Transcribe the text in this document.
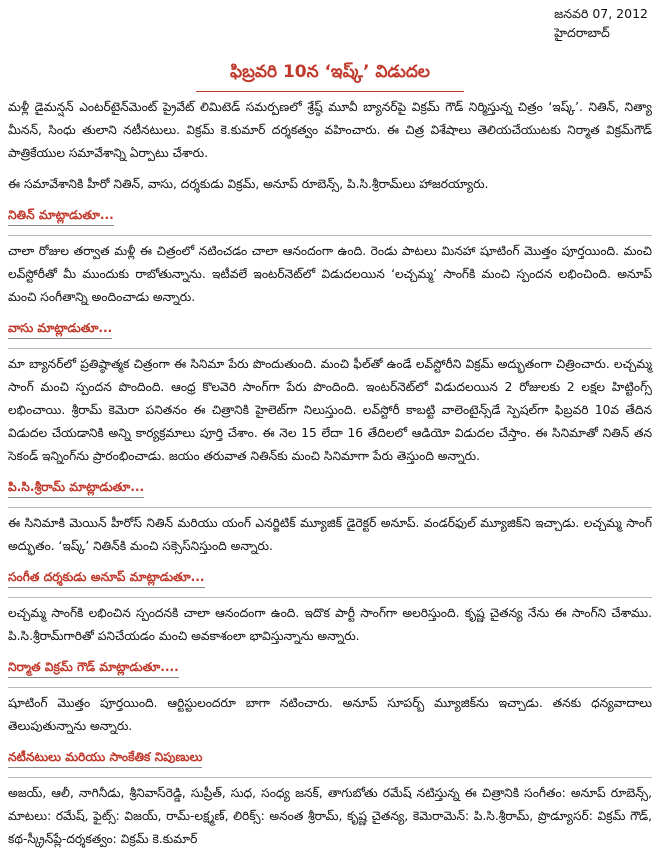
జనవరి 07, 2012
హైదరాబాద్
ఫిబ్రవరి 10న ‘ఇష్క్’ విడుదల

మళ్లీ డైమన్షన్ ఎంటర్‌టైన్‌మెంట్ ప్రైవేట్ లిమిటెడ్ సమర్పణలో శ్రేష్ఠ్ మూవీ బ్యానర్‌పై విక్రమ్ గౌడ్ నిర్మిస్తున్న చిత్రం ‘ఇష్క్’. నితిన్, నిత్యా మీనన్, సింధు తులాని నటీనటులు. విక్రమ్ కె.కుమార్ దర్శకత్వం వహించారు. ఈ చిత్ర విశేషాలు తెలియచేయుటకు నిర్మాత విక్రమ్‌గౌడ్ పాత్రికేయుల సమావేశాన్ని ఏర్పాటు చేశారు.

ఈ సమావేశానికి హీరో నితిన్, వాసు, దర్శకుడు విక్రమ్, అనూప్ రూబెన్స్, పి.సి.శ్రీరామ్‌లు హాజరయ్యారు.

నితిన్ మాట్లాడుతూ...

చాలా రోజుల తర్వాత మళ్లీ ఈ చిత్రంలో నటించడం చాలా ఆనందంగా ఉంది. రెండు పాటలు మినహా షూటింగ్ మొత్తం పూర్తయింది. మంచి లవ్‌స్టోరీతో మీ ముందుకు రాబోతున్నాను. ఇటీవలే ఇంటర్‌నెట్‌లో విడుదలయిన ‘లచ్చమ్మ’ సాంగ్‌కి మంచి స్పందన లభించింది. అనూప్ మంచి సంగీతాన్ని అందించాడు అన్నారు.

వాసు మాట్లాడుతూ...

మా బ్యానర్‌లో ప్రతిష్ఠాత్మక చిత్రంగా ఈ సినిమా పేరు పొందుతుంది. మంచి ఫీల్‌తో ఉండే లవ్‌స్టోరీని విక్రమ్ అద్భుతంగా చిత్రించారు. లచ్చమ్మ సాంగ్ మంచి స్పందన పొందింది. ఆంధ్ర కొలవెరి సాంగ్‌గా పేరు పొందింది. ఇంటర్‌నెట్‌లో విడుదలయిన 2 రోజులకు 2 లక్షల హిట్టింగ్స్ లభించాయి. శ్రీరామ్ కెమెరా పనితనం ఈ చిత్రానికి హైలెట్‌గా నిలుస్తుంది. లవ్‌స్టోరీ కాబట్టి వాలెంటైన్స్‌డే స్పెషల్‌గా ఫిబ్రవరి 10వ తేదిన విడుదల చేయడానికి అన్ని కార్యక్రమాలు పూర్తి చేశాం. ఈ నెల 15 లేదా 16 తేదిలలో ఆడియో విడుదల చేస్తాం. ఈ సినిమాతో నితిన్ తన సెకండ్ ఇన్నింగ్‌ను ప్రారంభించాడు. జయం తరువాత నితిన్‌కు మంచి సినిమాగా పేరు తెస్తుంది అన్నారు.

పి.సి.శ్రీరామ్ మాట్లాడుతూ...

ఈ సినిమాకి మెయిన్ హీరోస్ నితిన్ మరియు యంగ్ ఎనర్జిటిక్ మ్యూజిక్ డైరెక్టర్ అనూప్. వండర్‌ఫుల్ మ్యూజిక్‌ని ఇచ్చాడు. లచ్చమ్మ సాంగ్ అద్భుతం. ‘ఇష్క్’ నితిన్‌కి మంచి సక్సెస్‌నిస్తుంది అన్నారు.

సంగీత దర్శకుడు అనూప్ మాట్లాడుతూ...

లచ్చమ్మ సాంగ్‌కి లభించిన స్పందనకి చాలా ఆనందంగా ఉంది. ఇదొక పార్టీ సాంగ్‌గా అలరిస్తుంది. కృష్ణ చైతన్య నేను ఈ సాంగ్‌ని చేశాము. పి.సి.శ్రీరామ్‌గారితో పనిచేయడం మంచి అవకాశంలా భావిస్తున్నాను అన్నారు.

నిర్మాత విక్రమ్ గౌడ్ మాట్లాడుతూ....

షూటింగ్ మొత్తం పూర్తయింది. ఆర్టిస్టులందరూ బాగా నటించారు. అనూప్ సూపర్బ్ మ్యూజిక్‌ను ఇచ్చాడు. తనకు ధన్యవాదాలు తెలుపుతున్నాను అన్నారు.

నటీనటులు మరియు సాంకేతిక నిపుణులు

అజయ్, ఆలీ, నాగినీడు, శ్రీనివాస్‌రెడ్డి, సుప్రీత్, సుధ, సంధ్య జనక్, తాగుబోతు రమేష్ నటిస్తున్న ఈ చిత్రానికి సంగీతం: అనూప్ రూబెన్స్, మాటలు: రమేష్, ఫైట్స్: విజయ్, రామ్-లక్ష్మణ్, లిరిక్స్: అనంత శ్రీరామ్, కృష్ణ చైతన్య, కెమెరామెన్: పి.సి.శ్రీరామ్, ప్రొడ్యూసర్: విక్రమ్ గౌడ్, కథ-స్క్రీన్‌ప్లే-దర్శకత్వం: విక్రమ్ కె.కుమార్
